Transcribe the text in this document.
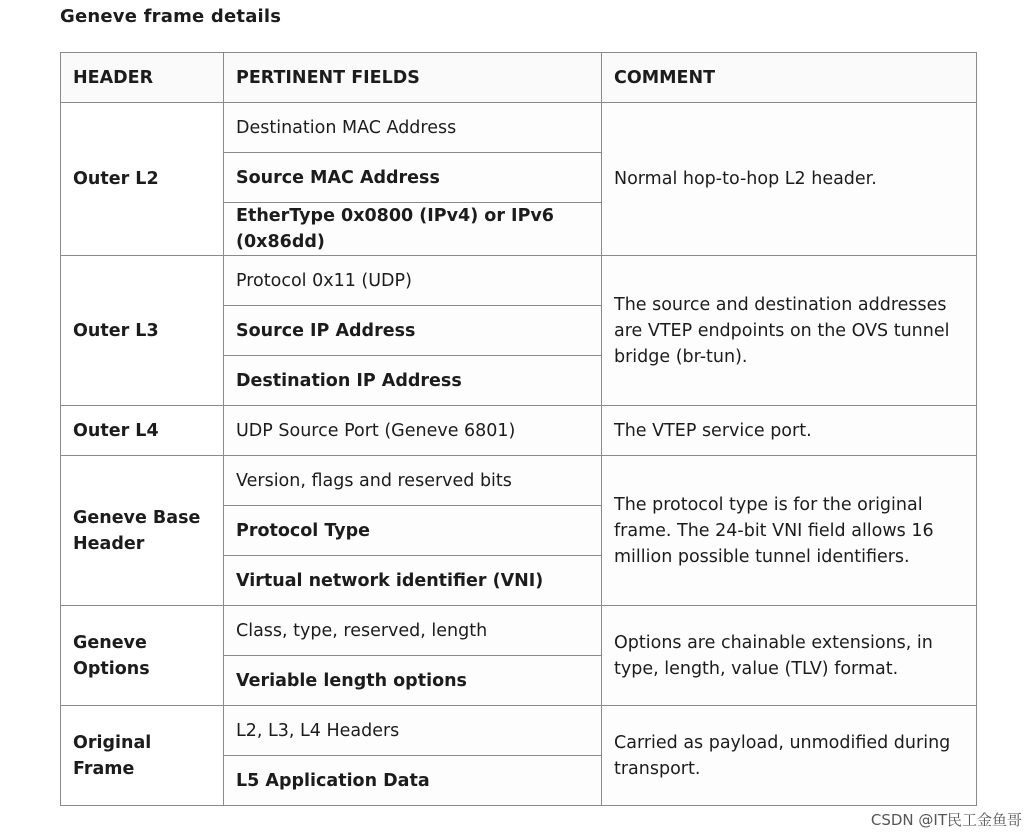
Geneve frame details
HEADER	PERTINENT FIELDS	COMMENT
Outer L2	Destination MAC Address	Normal hop-to-hop L2 header.
	Source MAC Address	
	EtherType 0x0800 (IPv4) or IPv6 (0x86dd)	
Outer L3	Protocol 0x11 (UDP)	The source and destination addresses are VTEP endpoints on the OVS tunnel bridge (br-tun).
	Source IP Address	
	Destination IP Address	
Outer L4	UDP Source Port (Geneve 6801)	The VTEP service port.
Geneve Base Header	Version, flags and reserved bits	The protocol type is for the original frame. The 24-bit VNI field allows 16 million possible tunnel identifiers.
	Protocol Type	
	Virtual network identifier (VNI)	
Geneve Options	Class, type, reserved, length	Options are chainable extensions, in type, length, value (TLV) format.
	Veriable length options	
Original Frame	L2, L3, L4 Headers	Carried as payload, unmodified during transport.
	L5 Application Data	
CSDN @IT民工金鱼哥
